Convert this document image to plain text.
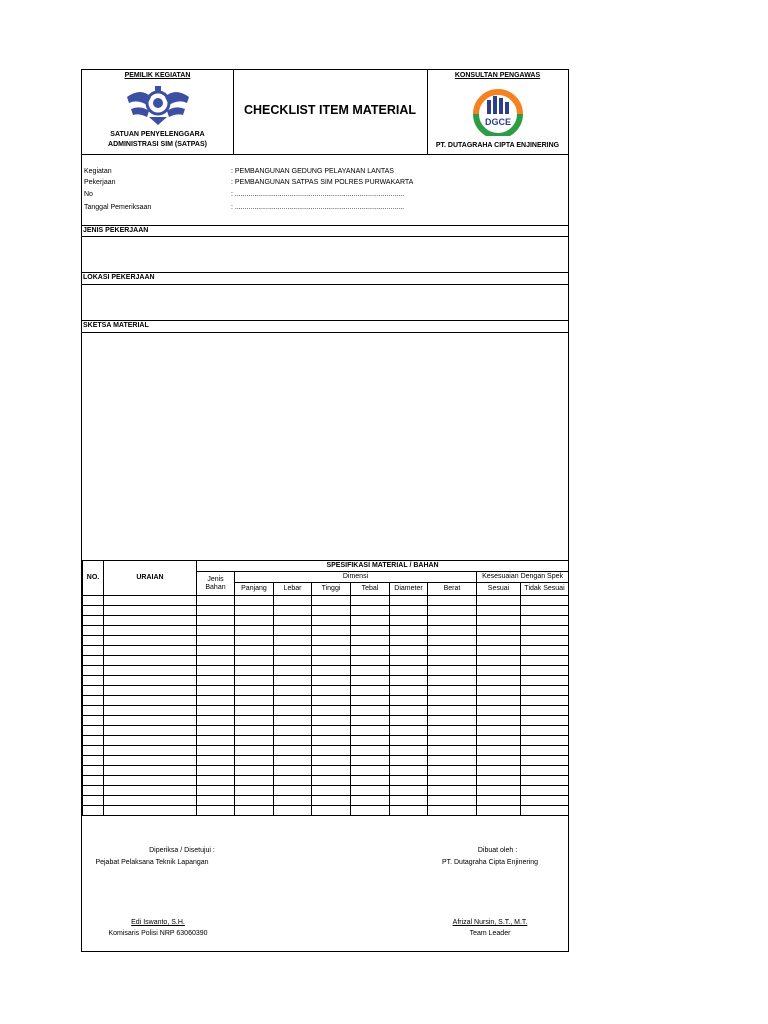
PEMILIK KEGIATAN
SATUAN PENYELENGGARA
ADMINISTRASI SIM (SATPAS)
CHECKLIST ITEM MATERIAL
KONSULTAN PENGAWAS
DGCE
PT. DUTAGRAHA CIPTA ENJINERING
Kegiatan	: PEMBANGUNAN GEDUNG PELAYANAN LANTAS
Pekerjaan	: PEMBANGUNAN SATPAS SIM POLRES PURWAKARTA
No	: .......................................................................................
Tanggal Pemeriksaan	: .......................................................................................
JENIS PEKERJAAN
LOKASI PEKERJAAN
SKETSA MATERIAL
NO.	URAIAN	SPESIFIKASI MATERIAL / BAHAN								
		Jenis
Bahan	Dimensi						Kesesuaian Dengan Spek	
			Panjang	Lebar	Tinggi	Tebal	Diameter	Berat	Sesuai	Tidak Sesuai

Diperiksa / Disetujui :
Pejabat Pelaksana Teknik Lapangan
Edi Iswanto, S.H.
Komisaris Polisi NRP 63060390
Dibuat oleh :
PT. Dutagraha Cipta Enjinering
Afrizal Nursin, S.T., M.T.
Team Leader
